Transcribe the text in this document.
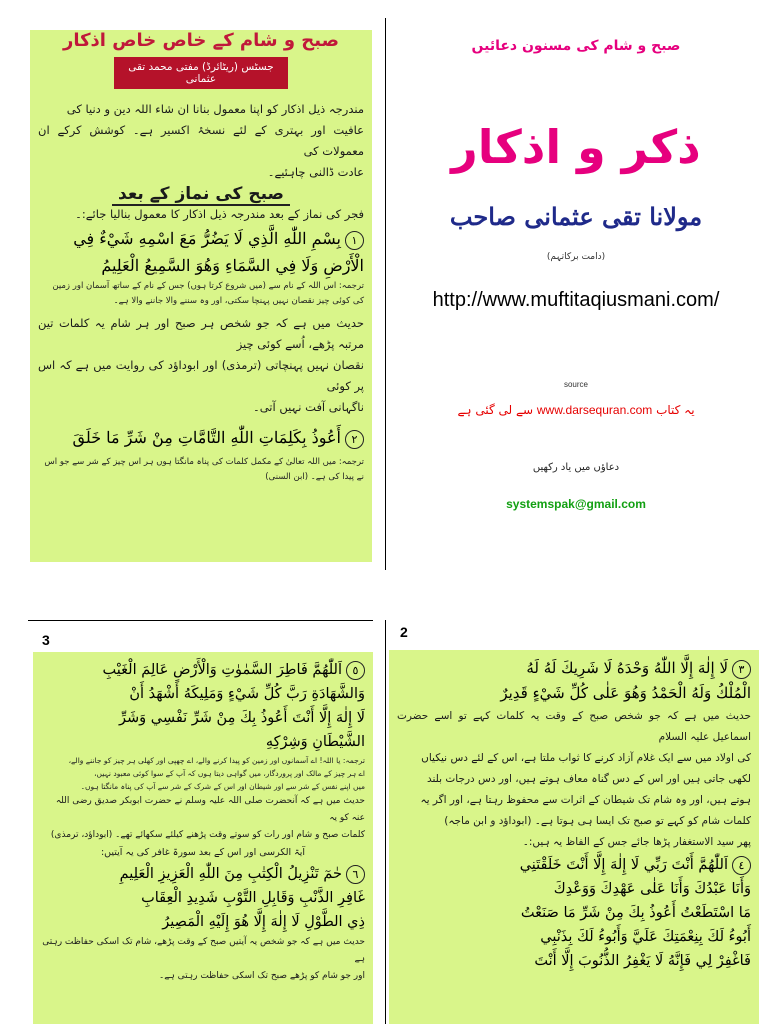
3	2

صبح و شام کے خاص خاص اذکار

جسٹس (ریٹائرڈ) مفتی محمد تقی عثمانی

مندرجہ ذیل اذکار کو اپنا معمول بنانا ان شاء اللہ دین و دنیا کی

عافیت اور بہتری کے لئے نسخۂ اکسیر ہے۔ کوشش کرکے ان معمولات کی

عادت ڈالنی چاہئیے۔

صبح کی نماز کے بعد

فجر کی نماز کے بعد مندرجہ ذیل اذکار کا معمول بنالیا جائے:۔

١بِسْمِ اللّٰهِ الَّذِي لَا يَضُرُّ مَعَ اسْمِهِ شَيْءٌ فِي

الْأَرْضِ وَلَا فِي السَّمَاءِ وَهُوَ السَّمِيعُ الْعَلِيمُ

ترجمہ: اس اللہ کے نام سے (میں شروع کرتا ہوں) جس کے نام کے ساتھ آسمان اور زمین

کی کوئی چیز نقصان نہیں پہنچا سکتی، اور وہ سننے والا جاننے والا ہے۔

حدیث میں ہے کہ جو شخص ہر صبح اور ہر شام یہ کلمات تین مرتبہ پڑھے، اُسے کوئی چیز

نقصان نہیں پہنچاتی (ترمذی) اور ابوداؤد کی روایت میں ہے کہ اس پر کوئی

ناگہانی آفت نہیں آتی۔

٢أَعُوذُ بِكَلِمَاتِ اللّٰهِ التَّامَّاتِ مِنْ شَرِّ مَا خَلَقَ

ترجمہ: میں اللہ تعالیٰ کے مکمل کلمات کی پناہ مانگتا ہوں ہر اس چیز کے شر سے جو اس نے پیدا کی ہے۔ (ابن السنی)

صبح و شام کی مسنون دعائیں
ذکر و اذکار
مولانا تقی عثمانی صاحب
(دامت برکاتہم)
http://www.muftitaqiusmani.com/
source
یہ کتاب www.darsequran.com سے لی گئی ہے
دعاؤں میں یاد رکھیں
systemspak@gmail.com

٥اَللّٰهُمَّ فَاطِرَ السَّمٰوٰتِ وَالْأَرْضِ عَالِمَ الْغَيْبِ

وَالشَّهَادَةِ رَبَّ كُلِّ شَيْءٍ وَمَلِيكَهُ أَشْهَدُ أَنْ

لَا إِلٰهَ إِلَّا أَنْتَ أَعُوذُ بِكَ مِنْ شَرِّ نَفْسِي وَشَرِّ

الشَّيْطَانِ وَشِرْكِهِ

ترجمہ: یا اللہ! اے آسمانوں اور زمین کو پیدا کرنے والے، اے چھپی اور کھلی ہر چیز کو جاننے والے،

اے ہر چیز کے مالک اور پروردگار، میں گواہی دیتا ہوں کہ آپ کے سوا کوئی معبود نہیں،

میں اپنے نفس کے شر سے اور شیطان اور اس کے شرک کے شر سے آپ کی پناہ مانگتا ہوں۔

حدیث میں ہے کہ آنحضرت صلی اللہ علیہ وسلم نے حضرت ابوبکر صدیق رضی اللہ عنہ کو یہ

کلمات صبح و شام اور رات کو سوتے وقت پڑھنے کیلئے سکھائے تھے۔ (ابوداؤد، ترمذی)

آیۃ الکرسی اور اس کے بعد سورۃ غافر کی یہ آیتیں:

٦حٰمٓ تَنْزِيلُ الْكِتٰبِ مِنَ اللّٰهِ الْعَزِيزِ الْعَلِيمِ

غَافِرِ الذَّنْبِ وَقَابِلِ التَّوْبِ شَدِيدِ الْعِقَابِ

ذِي الطَّوْلِ لَا إِلٰهَ إِلَّا هُوَ إِلَيْهِ الْمَصِيرُ

حدیث میں ہے کہ جو شخص یہ آیتیں صبح کے وقت پڑھے، شام تک اسکی حفاظت رہتی ہے

اور جو شام کو پڑھے صبح تک اسکی حفاظت رہتی ہے۔

٣لَا إِلٰهَ إِلَّا اللّٰهُ وَحْدَهُ لَا شَرِيكَ لَهُ لَهُ

الْمُلْكُ وَلَهُ الْحَمْدُ وَهُوَ عَلٰى كُلِّ شَيْءٍ قَدِيرٌ

حدیث میں ہے کہ جو شخص صبح کے وقت یہ کلمات کہے تو اسے حضرت اسماعیل علیہ السلام

کی اولاد میں سے ایک غلام آزاد کرنے کا ثواب ملتا ہے، اس کے لئے دس نیکیاں

لکھی جاتی ہیں اور اس کے دس گناہ معاف ہوتے ہیں، اور دس درجات بلند

ہوتے ہیں، اور وہ شام تک شیطان کے اثرات سے محفوظ رہتا ہے، اور اگر یہ

کلمات شام کو کہے تو صبح تک ایسا ہی ہوتا ہے۔ (ابوداؤد و ابن ماجہ)

پھر سید الاستغفار پڑھا جائے جس کے الفاظ یہ ہیں:۔

٤اَللّٰهُمَّ أَنْتَ رَبِّي لَا إِلٰهَ إِلَّا أَنْتَ خَلَقْتَنِي

وَأَنَا عَبْدُكَ وَأَنَا عَلٰى عَهْدِكَ وَوَعْدِكَ

مَا اسْتَطَعْتُ أَعُوذُ بِكَ مِنْ شَرِّ مَا صَنَعْتُ

أَبُوءُ لَكَ بِنِعْمَتِكَ عَلَيَّ وَأَبُوءُ لَكَ بِذَنْبِي

فَاغْفِرْ لِي فَإِنَّهُ لَا يَغْفِرُ الذُّنُوبَ إِلَّا أَنْتَ
